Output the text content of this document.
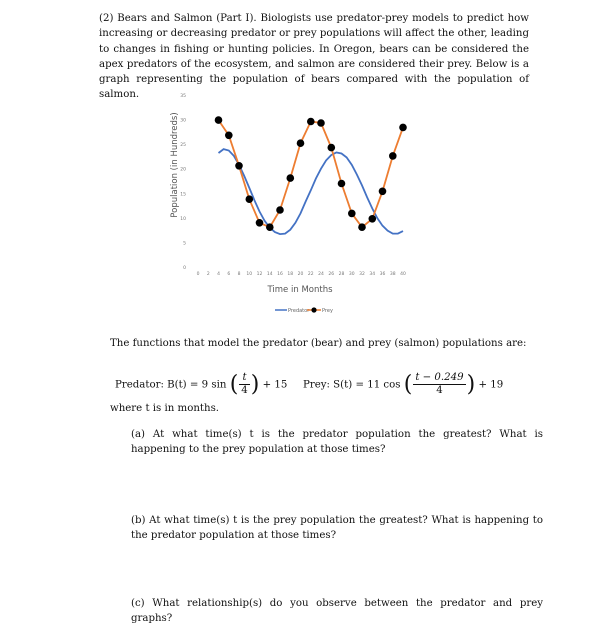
(2) Bears and Salmon (Part I). Biologists use predator-prey models to predict how increasing or decreasing predator or prey populations will affect the other, leading to changes in fishing or hunting policies. In Oregon, bears can be considered the apex predators of the ecosystem, and salmon are considered their prey. Below is a graph representing the population of bears compared with the population of salmon.

0
5
10
15
20
25
30
35
0 2 4 6 8 10 12 14 16 18 20 22 24 26 28 30 32 34 36 38 40
Time in Months
Population (in Hundreds)
Predator	Prey
The functions that model the predator (bear) and prey (salmon) populations are:
Predator: B(t) = 9 sin ( $\frac{t}{4}$ ) + 15 Prey: S(t) = 11 cos ( $\frac{t - 0.249}{4}$ ) + 19
where t is in months.
(a) At what time(s) t is the predator population the greatest? What is happening to the prey population at those times?
(b) At what time(s) t is the prey population the greatest? What is happening to the predator population at those times?
(c) What relationship(s) do you observe between the predator and prey graphs?
